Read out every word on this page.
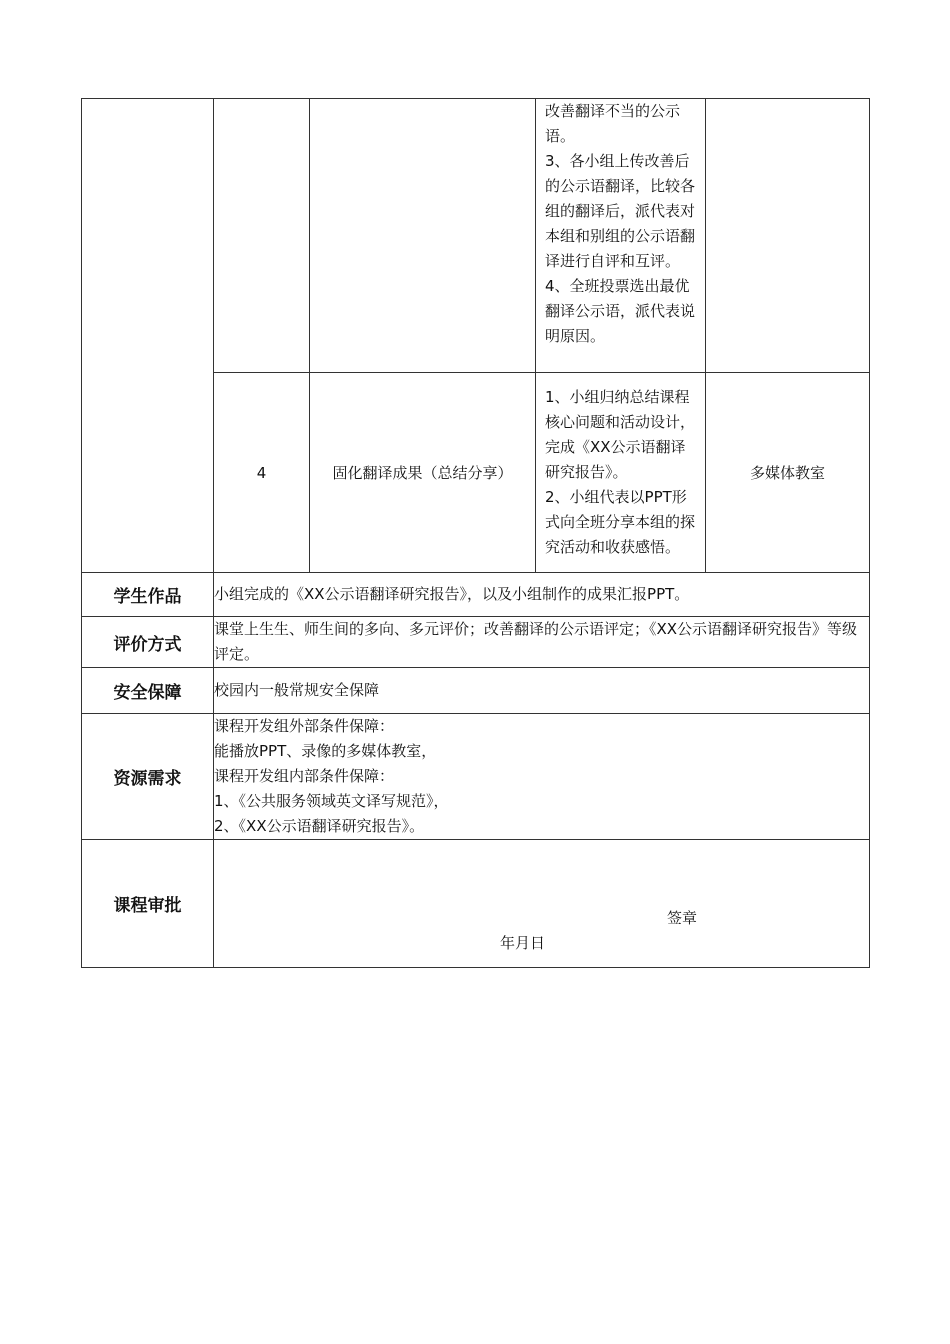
			改善翻译不当的公示语。

3、各小组上传改善后的公示语翻译，比较各组的翻译后，派代表对本组和别组的公示语翻译进行自评和互评。

4、全班投票选出最优翻译公示语，派代表说明原因。	

	4	固化翻译成果（总结分享）	1、小组归纳总结课程核心问题和活动设计，完成《XX公示语翻译研究报告》。

2、小组代表以PPT形式向全班分享本组的探究活动和收获感悟。	多媒体教室
学生作品	小组完成的《XX公示语翻译研究报告》，以及小组制作的成果汇报PPT。			
评价方式	课堂上生生、师生间的多向、多元评价；改善翻译的公示语评定；《XX公示语翻译研究报告》等级评定。			
安全保障	校园内一般常规安全保障			
资源需求	课程开发组外部条件保障：

能播放PPT、录像的多媒体教室，

课程开发组内部条件保障：

1、《公共服务领域英文译写规范》，

2、《XX公示语翻译研究报告》。			

课程审批	签章
年月日			
